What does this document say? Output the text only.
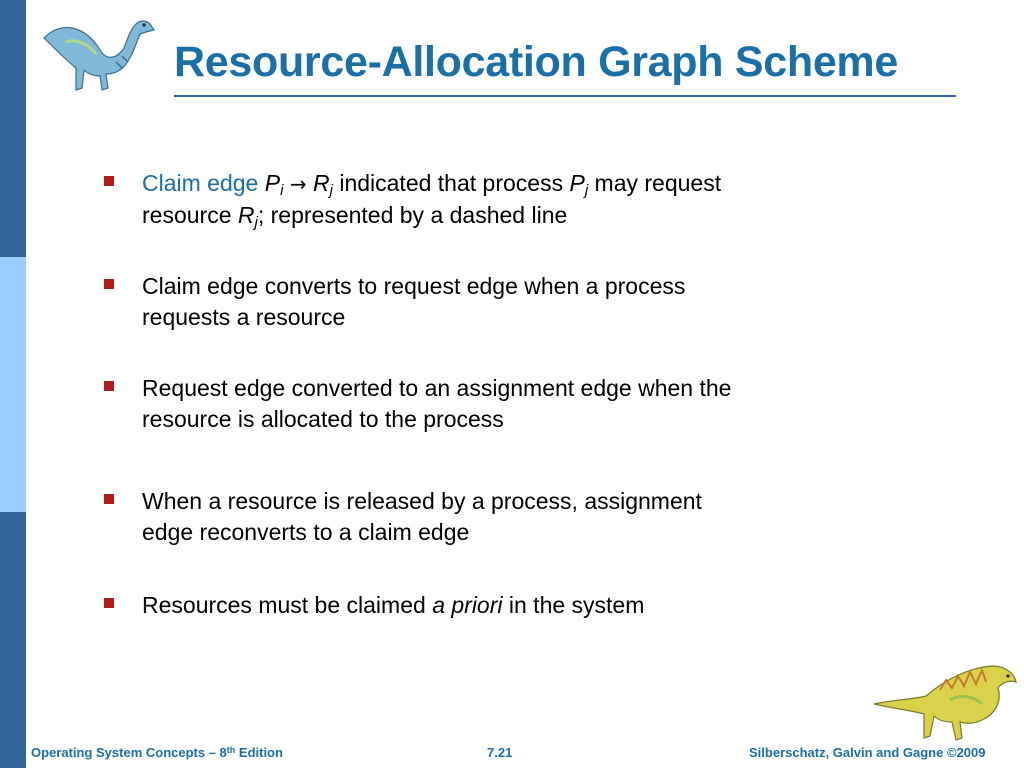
Resource-Allocation Graph Scheme
Claim edge $P_i \to R_j$ indicated that process $P_j$ may request
resource $R_j$; represented by a dashed line
Claim edge converts to request edge when a process
requests a resource
Request edge converted to an assignment edge when the
resource is allocated to the process
When a resource is released by a process, assignment
edge reconverts to a claim edge
Resources must be claimed a priori in the system
Operating System Concepts – 8th Edition	7.21	Silberschatz, Galvin and Gagne ©2009
